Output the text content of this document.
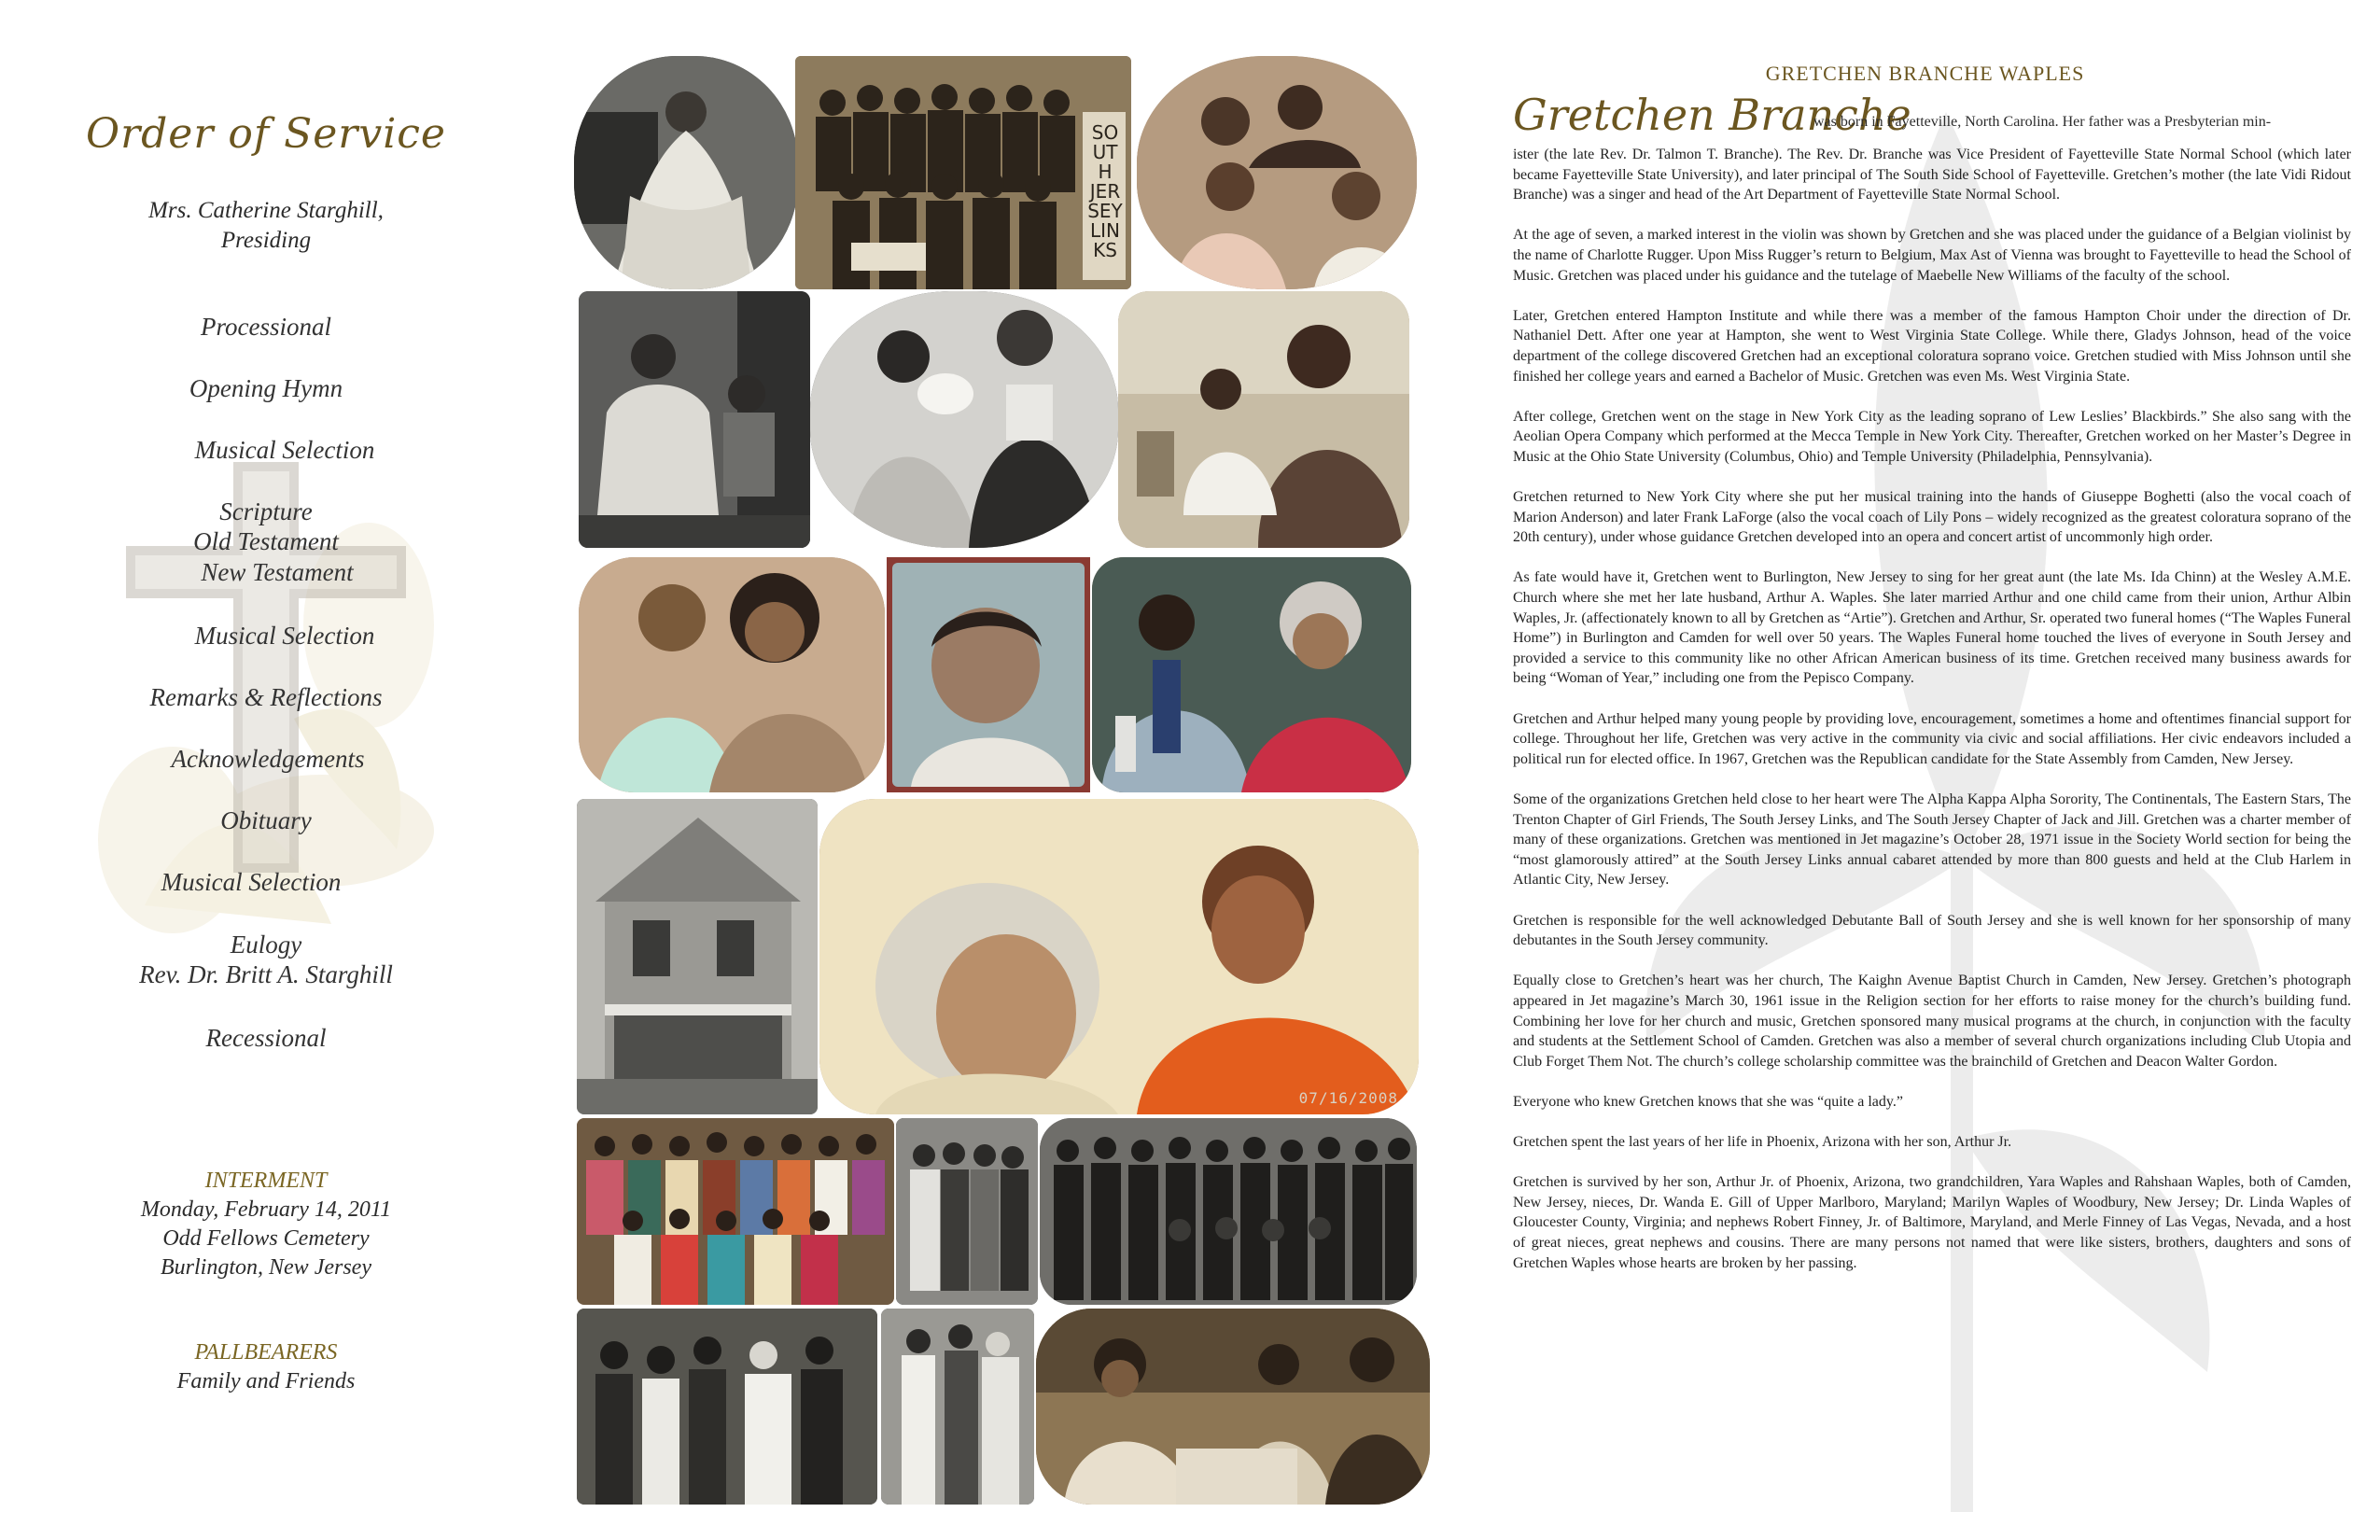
Order of Service
Mrs. Catherine Starghill,
Presiding
Processional
Opening Hymn
Musical Selection
Scripture
Old Testament
New Testament
Musical Selection
Remarks & Reflections
Acknowledgements
Obituary
Musical Selection
Eulogy
Rev. Dr. Britt A. Starghill
Recessional
INTERMENT
Monday, February 14, 2011
Odd Fellows Cemetery
Burlington, New Jersey
PALLBEARERS
Family and Friends
SOUTH JERSEY LINKS
07/16/2008
GRETCHEN BRANCHE WAPLES
Gretchen Branche
was born in Fayetteville, North Carolina. Her father was a Presbyterian min-

ister (the late Rev. Dr. Talmon T. Branche). The Rev. Dr. Branche was Vice President of Fayetteville State Normal School (which later became Fayetteville State University), and later principal of The South Side School of Fayetteville. Gretchen’s mother (the late Vidi Ridout Branche) was a singer and head of the Art Department of Fayetteville State Normal School.

At the age of seven, a marked interest in the violin was shown by Gretchen and she was placed under the guidance of a Belgian violinist by the name of Charlotte Rugger. Upon Miss Rugger’s return to Belgium, Max Ast of Vienna was brought to Fayetteville to head the School of Music. Gretchen was placed under his guidance and the tutelage of Maebelle New Williams of the faculty of the school.

Later, Gretchen entered Hampton Institute and while there was a member of the famous Hampton Choir under the direction of Dr. Nathaniel Dett. After one year at Hampton, she went to West Virginia State College. While there, Gladys Johnson, head of the voice department of the college discovered Gretchen had an exceptional coloratura soprano voice. Gretchen studied with Miss Johnson until she finished her college years and earned a Bachelor of Music. Gretchen was even Ms. West Virginia State.

After college, Gretchen went on the stage in New York City as the leading soprano of Lew Leslies’ Blackbirds.” She also sang with the Aeolian Opera Company which performed at the Mecca Temple in New York City. Thereafter, Gretchen worked on her Master’s Degree in Music at the Ohio State University (Columbus, Ohio) and Temple University (Philadelphia, Pennsylvania).

Gretchen returned to New York City where she put her musical training into the hands of Giuseppe Boghetti (also the vocal coach of Marion Anderson) and later Frank LaForge (also the vocal coach of Lily Pons – widely recognized as the greatest coloratura soprano of the 20th century), under whose guidance Gretchen developed into an opera and concert artist of uncommonly high order.

As fate would have it, Gretchen went to Burlington, New Jersey to sing for her great aunt (the late Ms. Ida Chinn) at the Wesley A.M.E. Church where she met her late husband, Arthur A. Waples. She later married Arthur and one child came from their union, Arthur Albin Waples, Jr. (affectionately known to all by Gretchen as “Artie”). Gretchen and Arthur, Sr. operated two funeral homes (“The Waples Funeral Home”) in Burlington and Camden for well over 50 years. The Waples Funeral home touched the lives of everyone in South Jersey and provided a service to this community like no other African American business of its time. Gretchen received many business awards for being “Woman of Year,” including one from the Pepisco Company.

Gretchen and Arthur helped many young people by providing love, encouragement, sometimes a home and oftentimes financial support for college. Throughout her life, Gretchen was very active in the community via civic and social affiliations. Her civic endeavors included a political run for elected office. In 1967, Gretchen was the Republican candidate for the State Assembly from Camden, New Jersey.

Some of the organizations Gretchen held close to her heart were The Alpha Kappa Alpha Sorority, The Continentals, The Eastern Stars, The Trenton Chapter of Girl Friends, The South Jersey Links, and The South Jersey Chapter of Jack and Jill. Gretchen was a charter member of many of these organizations. Gretchen was mentioned in Jet magazine’s October 28, 1971 issue in the Society World section for being the “most glamorously attired” at the South Jersey Links annual cabaret attended by more than 800 guests and held at the Club Harlem in Atlantic City, New Jersey.

Gretchen is responsible for the well acknowledged Debutante Ball of South Jersey and she is well known for her sponsorship of many debutantes in the South Jersey community.

Equally close to Gretchen’s heart was her church, The Kaighn Avenue Baptist Church in Camden, New Jersey. Gretchen’s photograph appeared in Jet magazine’s March 30, 1961 issue in the Religion section for her efforts to raise money for the church’s building fund. Combining her love for her church and music, Gretchen sponsored many musical programs at the church, in conjunction with the faculty and students at the Settlement School of Camden. Gretchen was also a member of several church organizations including Club Utopia and Club Forget Them Not. The church’s college scholarship committee was the brainchild of Gretchen and Deacon Walter Gordon.

Everyone who knew Gretchen knows that she was “quite a lady.”

Gretchen spent the last years of her life in Phoenix, Arizona with her son, Arthur Jr.

Gretchen is survived by her son, Arthur Jr. of Phoenix, Arizona, two grandchildren, Yara Waples and Rahshaan Waples, both of Camden, New Jersey, nieces, Dr. Wanda E. Gill of Upper Marlboro, Maryland; Marilyn Waples of Woodbury, New Jersey; Dr. Linda Waples of Gloucester County, Virginia; and nephews Robert Finney, Jr. of Baltimore, Maryland, and Merle Finney of Las Vegas, Nevada, and a host of great nieces, great nephews and cousins. There are many persons not named that were like sisters, brothers, daughters and sons of Gretchen Waples whose hearts are broken by her passing.
